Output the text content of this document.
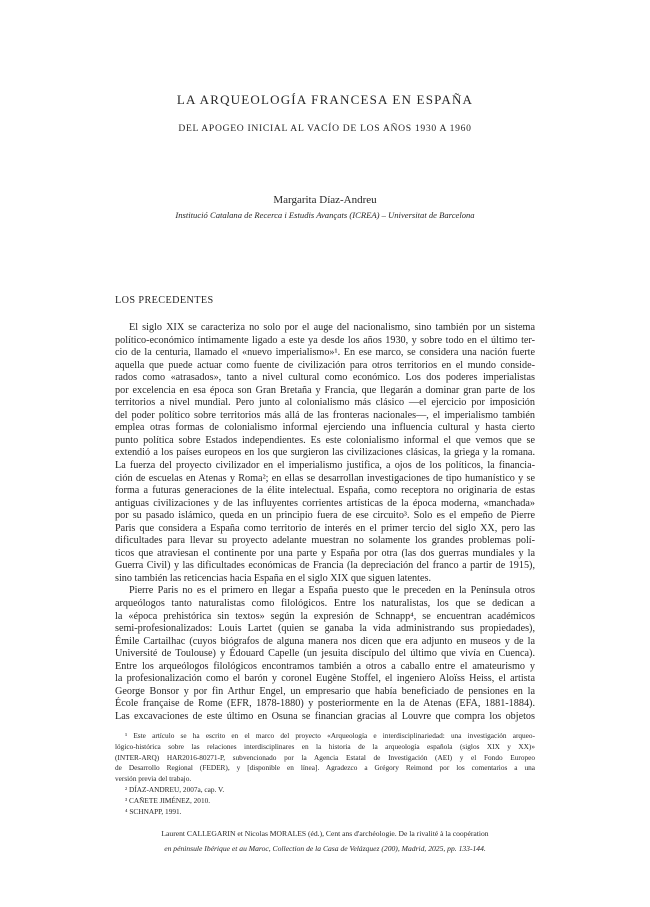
LA ARQUEOLOGÍA FRANCESA EN ESPAÑA
DEL APOGEO INICIAL AL VACÍO DE LOS AÑOS 1930 A 1960
Margarita Díaz-Andreu
Institució Catalana de Recerca i Estudis Avançats (ICREA) – Universitat de Barcelona
LOS PRECEDENTES
El siglo XIX se caracteriza no solo por el auge del nacionalismo, sino también por un sistema
político-económico íntimamente ligado a este ya desde los años 1930, y sobre todo en el último ter-
cio de la centuria, llamado el «nuevo imperialismo»¹. En ese marco, se considera una nación fuerte
aquella que puede actuar como fuente de civilización para otros territorios en el mundo conside-
rados como «atrasados», tanto a nivel cultural como económico. Los dos poderes imperialistas
por excelencia en esa época son Gran Bretaña y Francia, que llegarán a dominar gran parte de los
territorios a nivel mundial. Pero junto al colonialismo más clásico —el ejercicio por imposición
del poder político sobre territorios más allá de las fronteras nacionales—, el imperialismo también
emplea otras formas de colonialismo informal ejerciendo una influencia cultural y hasta cierto
punto política sobre Estados independientes. Es este colonialismo informal el que vemos que se
extendió a los países europeos en los que surgieron las civilizaciones clásicas, la griega y la romana.
La fuerza del proyecto civilizador en el imperialismo justifica, a ojos de los políticos, la financia-
ción de escuelas en Atenas y Roma²; en ellas se desarrollan investigaciones de tipo humanístico y se
forma a futuras generaciones de la élite intelectual. España, como receptora no originaria de estas
antiguas civilizaciones y de las influyentes corrientes artísticas de la época moderna, «manchada»
por su pasado islámico, queda en un principio fuera de ese circuito³. Solo es el empeño de Pierre
Paris que considera a España como territorio de interés en el primer tercio del siglo XX, pero las
dificultades para llevar su proyecto adelante muestran no solamente los grandes problemas polí-
ticos que atraviesan el continente por una parte y España por otra (las dos guerras mundiales y la
Guerra Civil) y las dificultades económicas de Francia (la depreciación del franco a partir de 1915),
sino también las reticencias hacia España en el siglo XIX que siguen latentes.
Pierre Paris no es el primero en llegar a España puesto que le preceden en la Península otros
arqueólogos tanto naturalistas como filológicos. Entre los naturalistas, los que se dedican a
la «época prehistórica sin textos» según la expresión de Schnapp⁴, se encuentran académicos
semi-profesionalizados: Louis Lartet (quien se ganaba la vida administrando sus propiedades),
Émile Cartailhac (cuyos biógrafos de alguna manera nos dicen que era adjunto en museos y de la
Université de Toulouse) y Édouard Capelle (un jesuita discípulo del último que vivía en Cuenca).
Entre los arqueólogos filológicos encontramos también a otros a caballo entre el amateurismo y
la profesionalización como el barón y coronel Eugène Stoffel, el ingeniero Aloïss Heiss, el artista
George Bonsor y por fin Arthur Engel, un empresario que había beneficiado de pensiones en la
École française de Rome (EFR, 1878-1880) y posteriormente en la de Atenas (EFA, 1881-1884).
Las excavaciones de este último en Osuna se financian gracias al Louvre que compra los objetos
¹ Este artículo se ha escrito en el marco del proyecto «Arqueología e interdisciplinariedad: una investigación arqueo-
lógico-histórica sobre las relaciones interdisciplinares en la historia de la arqueología española (siglos XIX y XX)»
(INTER-ARQ) HAR2016-80271-P, subvencionado por la Agencia Estatal de Investigación (AEI) y el Fondo Europeo
de Desarrollo Regional (FEDER), y [disponible en línea]. Agradezco a Grégory Reimond por los comentarios a una
versión previa del trabajo.
² DÍAZ-ANDREU, 2007a, cap. V.
³ CAÑETE JIMÉNEZ, 2010.
⁴ SCHNAPP, 1991.
Laurent CALLEGARIN et Nicolas MORALES (éd.), Cent ans d'archéologie. De la rivalité à la coopération
en péninsule Ibérique et au Maroc, Collection de la Casa de Velázquez (200), Madrid, 2025, pp. 133-144.
